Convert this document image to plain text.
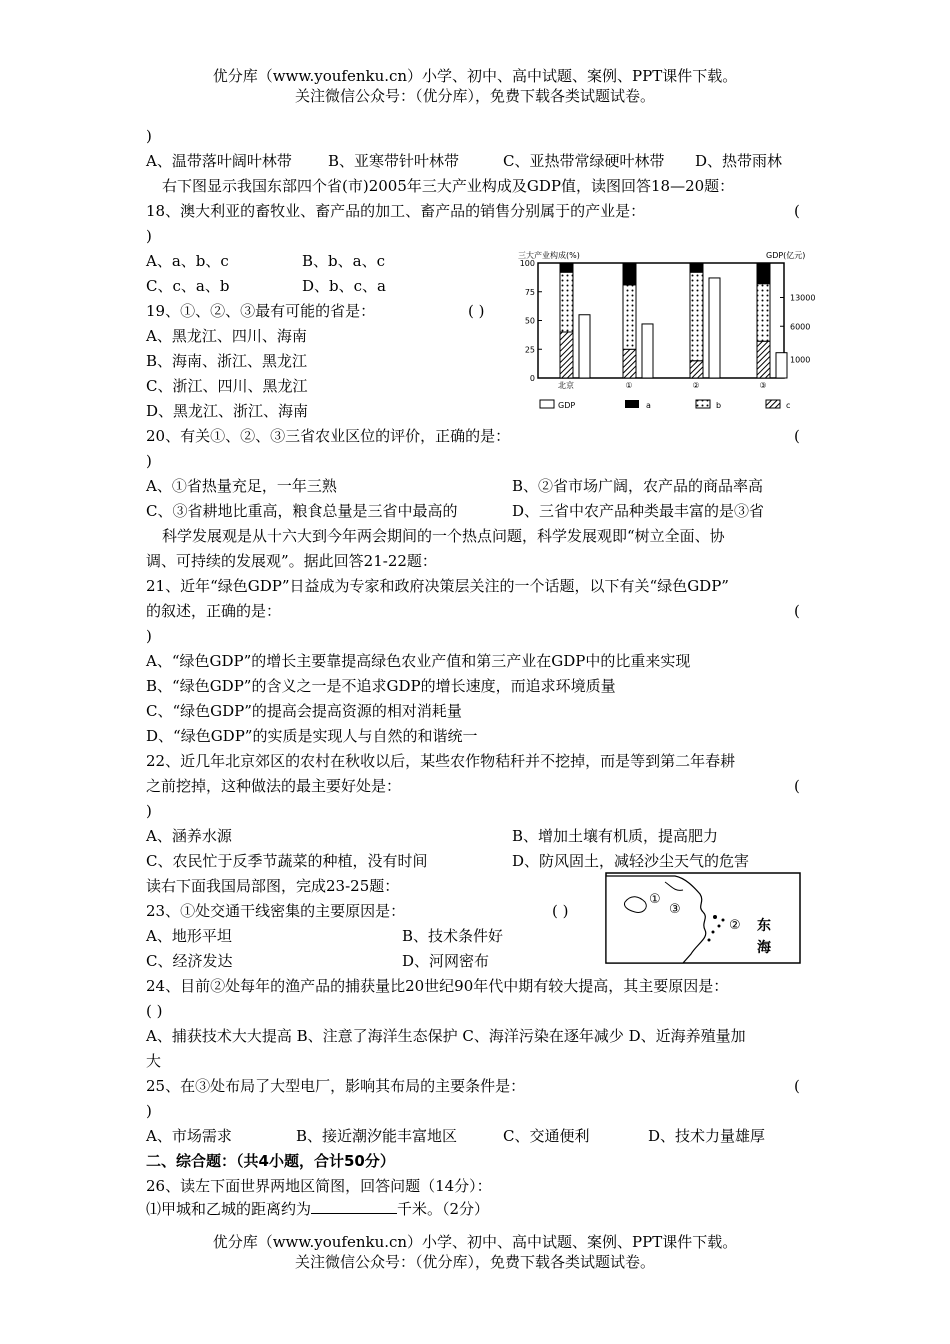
优分库（www.youfenku.cn）小学、初中、高中试题、案例、PPT课件下载。
关注微信公众号：（优分库），免费下载各类试题试卷。
)
A、温带落叶阔叶林带 B、亚寒带针叶林带	C、亚热带常绿硬叶林带 D、热带雨林
右下图显示我国东部四个省(市)2005年三大产业构成及GDP值，读图回答18—20题：
18、澳大利亚的畜牧业、畜产品的加工、畜产品的销售分别属于的产业是：	(
)
A、a、b、c	B、b、a、c
C、c、a、b	D、b、c、a
三大产业构成(%)	GDP(亿元)
0
25
50
75
100
1000
6000
13000
北京	①	②	③
GDP	a	b	c
19、①、②、③最有可能的省是：	( )
A、黑龙江、四川、海南
B、海南、浙江、黑龙江
C、浙江、四川、黑龙江
D、黑龙江、浙江、海南
20、有关①、②、③三省农业区位的评价，正确的是：	(
)
A、①省热量充足，一年三熟	B、②省市场广阔，农产品的商品率高
C、③省耕地比重高，粮食总量是三省中最高的	D、三省中农产品种类最丰富的是③省
科学发展观是从十六大到今年两会期间的一个热点问题，科学发展观即“树立全面、协
调、可持续的发展观”。据此回答21-22题：
21、近年“绿色GDP”日益成为专家和政府决策层关注的一个话题，以下有关“绿色GDP”
的叙述，正确的是：	(
)
A、“绿色GDP”的增长主要靠提高绿色农业产值和第三产业在GDP中的比重来实现
B、“绿色GDP”的含义之一是不追求GDP的增长速度，而追求环境质量
C、“绿色GDP”的提高会提高资源的相对消耗量
D、“绿色GDP”的实质是实现人与自然的和谐统一
22、近几年北京郊区的农村在秋收以后，某些农作物秸秆并不挖掉，而是等到第二年春耕
之前挖掉，这种做法的最主要好处是：	(
)
A、涵养水源	B、增加土壤有机质，提高肥力
C、农民忙于反季节蔬菜的种植，没有时间	D、防风固土，减轻沙尘天气的危害
读右下面我国局部图，完成23-25题：
①
③
② 东
海
23、①处交通干线密集的主要原因是：	( )
A、地形平坦	B、技术条件好
C、经济发达	D、河网密布
24、目前②处每年的渔产品的捕获量比20世纪90年代中期有较大提高，其主要原因是：
( )
A、捕获技术大大提高 B、注意了海洋生态保护 C、海洋污染在逐年减少 D、近海养殖量加
大
25、在③处布局了大型电厂，影响其布局的主要条件是：	(
)
A、市场需求	B、接近潮汐能丰富地区	C、交通便利	D、技术力量雄厚
二、综合题：（共4小题，合计50分）
26、读左下面世界两地区简图，回答问题（14分）：
⑴甲城和乙城的距离约为	千米。（2分）
优分库（www.youfenku.cn）小学、初中、高中试题、案例、PPT课件下载。
关注微信公众号：（优分库），免费下载各类试题试卷。
